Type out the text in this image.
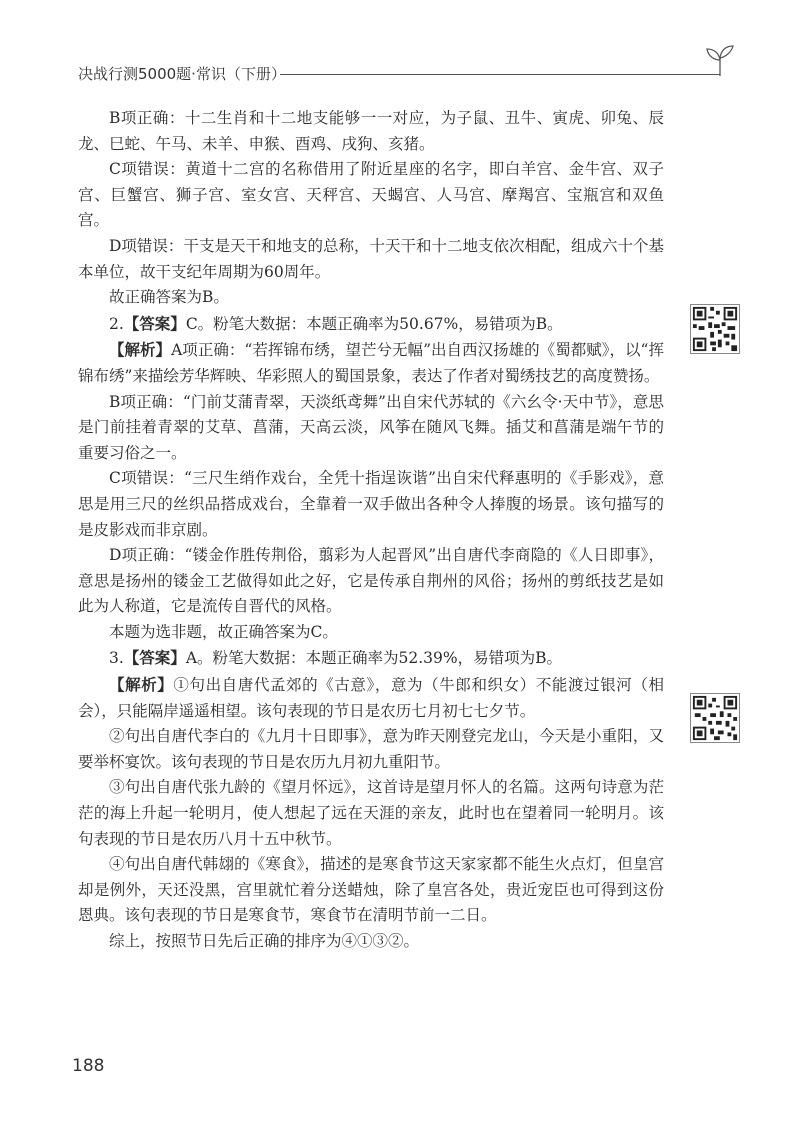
决战行测5000题·常识（下册）

B项正确：十二生肖和十二地支能够一一对应，为子鼠、丑牛、寅虎、卯兔、辰龙、巳蛇、午马、未羊、申猴、酉鸡、戌狗、亥猪。

C项错误：黄道十二宫的名称借用了附近星座的名字，即白羊宫、金牛宫、双子宫、巨蟹宫、狮子宫、室女宫、天秤宫、天蝎宫、人马宫、摩羯宫、宝瓶宫和双鱼宫。

D项错误：干支是天干和地支的总称，十天干和十二地支依次相配，组成六十个基本单位，故干支纪年周期为60周年。

故正确答案为B。

2.【答案】C。粉笔大数据：本题正确率为50.67%，易错项为B。

【解析】A项正确：“若挥锦布绣，望芒兮无幅”出自西汉扬雄的《蜀都赋》，以“挥锦布绣”来描绘芳华辉映、华彩照人的蜀国景象，表达了作者对蜀绣技艺的高度赞扬。

B项正确：“门前艾蒲青翠，天淡纸鸢舞”出自宋代苏轼的《六幺令·天中节》，意思是门前挂着青翠的艾草、菖蒲，天高云淡，风筝在随风飞舞。插艾和菖蒲是端午节的重要习俗之一。

C项错误：“三尺生绡作戏台，全凭十指逞诙谐”出自宋代释惠明的《手影戏》，意思是用三尺的丝织品搭成戏台，全靠着一双手做出各种令人捧腹的场景。该句描写的是皮影戏而非京剧。

D项正确：“镂金作胜传荆俗，翦彩为人起晋风”出自唐代李商隐的《人日即事》，意思是扬州的镂金工艺做得如此之好，它是传承自荆州的风俗；扬州的剪纸技艺是如此为人称道，它是流传自晋代的风格。

本题为选非题，故正确答案为C。

3.【答案】A。粉笔大数据：本题正确率为52.39%，易错项为B。

【解析】①句出自唐代孟郊的《古意》，意为（牛郎和织女）不能渡过银河（相会），只能隔岸遥遥相望。该句表现的节日是农历七月初七七夕节。

②句出自唐代李白的《九月十日即事》，意为昨天刚登完龙山，今天是小重阳，又要举杯宴饮。该句表现的节日是农历九月初九重阳节。

③句出自唐代张九龄的《望月怀远》，这首诗是望月怀人的名篇。这两句诗意为茫茫的海上升起一轮明月，使人想起了远在天涯的亲友，此时也在望着同一轮明月。该句表现的节日是农历八月十五中秋节。

④句出自唐代韩翃的《寒食》，描述的是寒食节这天家家都不能生火点灯，但皇宫却是例外，天还没黑，宫里就忙着分送蜡烛，除了皇宫各处，贵近宠臣也可得到这份恩典。该句表现的节日是寒食节，寒食节在清明节前一二日。

综上，按照节日先后正确的排序为④①③②。

188
